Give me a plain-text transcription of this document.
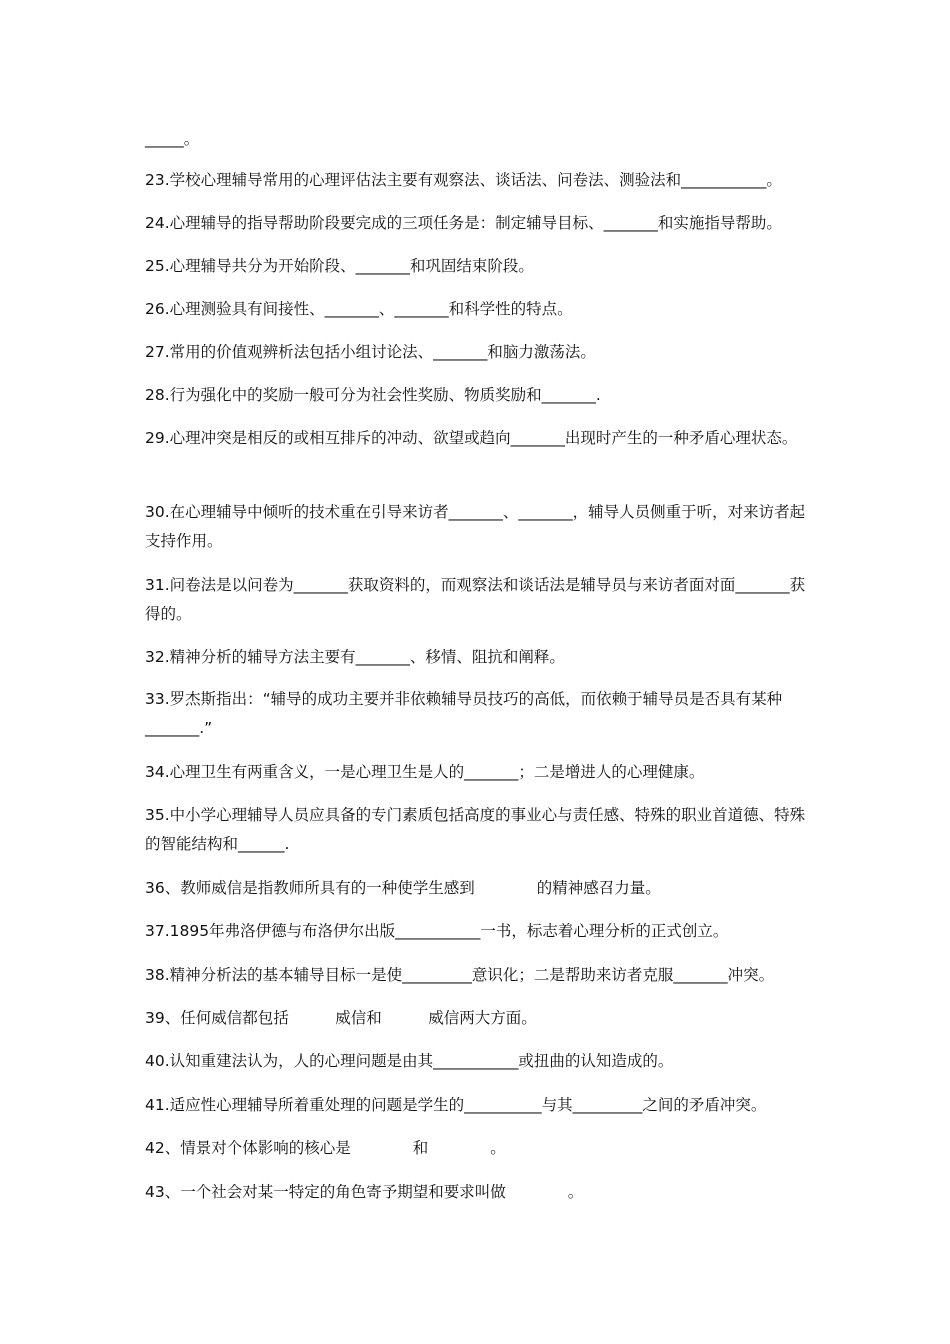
_____。
23.学校心理辅导常用的心理评估法主要有观察法、谈话法、问卷法、测验法和___________。
24.心理辅导的指导帮助阶段要完成的三项任务是：制定辅导目标、_______和实施指导帮助。
25.心理辅导共分为开始阶段、_______和巩固结束阶段。
26.心理测验具有间接性、_______、_______和科学性的特点。
27.常用的价值观辨析法包括小组讨论法、_______和脑力激荡法。
28.行为强化中的奖励一般可分为社会性奖励、物质奖励和_______.
29.心理冲突是相反的或相互排斥的冲动、欲望或趋向_______出现时产生的一种矛盾心理状态。
30.在心理辅导中倾听的技术重在引导来访者_______、_______，辅导人员侧重于听，对来访者起支持作用。
31.问卷法是以问卷为_______获取资料的，而观察法和谈话法是辅导员与来访者面对面_______获得的。
32.精神分析的辅导方法主要有_______、移情、阻抗和阐释。
33.罗杰斯指出：“辅导的成功主要并非依赖辅导员技巧的高低，而依赖于辅导员是否具有某种_______.”
34.心理卫生有两重含义，一是心理卫生是人的_______；二是增进人的心理健康。
35.中小学心理辅导人员应具备的专门素质包括高度的事业心与责任感、特殊的职业首道德、特殊的智能结构和______.
36、教师威信是指教师所具有的一种使学生感到　　　　的精神感召力量。
37.1895年弗洛伊德与布洛伊尔出版___________一书，标志着心理分析的正式创立。
38.精神分析法的基本辅导目标一是使_________意识化；二是帮助来访者克服_______冲突。
39、任何威信都包括　　　威信和　　　威信两大方面。
40.认知重建法认为，人的心理问题是由其___________或扭曲的认知造成的。
41.适应性心理辅导所着重处理的问题是学生的__________与其_________之间的矛盾冲突。
42、情景对个体影响的核心是　　　　和　　　　。
43、一个社会对某一特定的角色寄予期望和要求叫做　　　　。
